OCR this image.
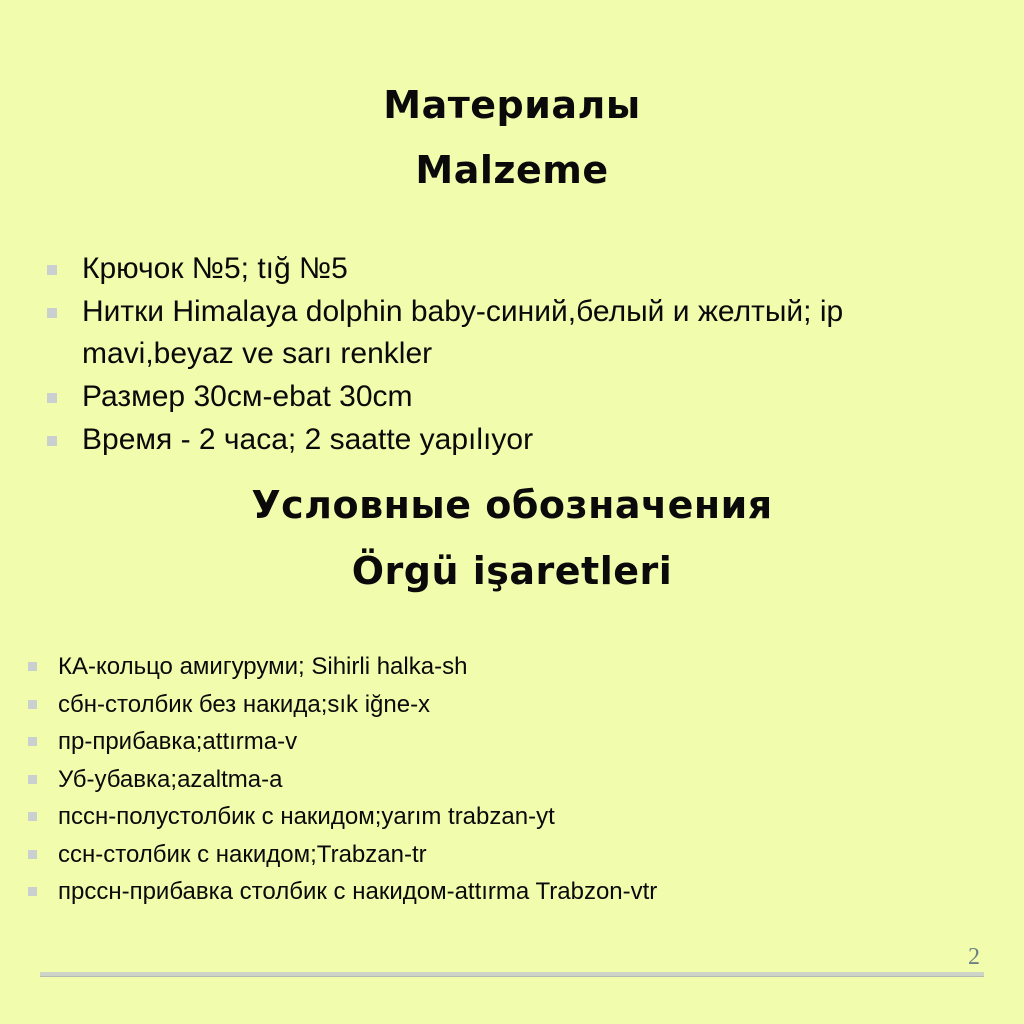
Материалы
Malzeme
Крючок №5; tığ №5
Нитки Himalaya dolphin baby-синий,белый и желтый; ip mavi,beyaz ve sarı renkler
Размер 30см-ebat 30cm
Время - 2 часа; 2 saatte yapılıyor
Условные обозначения
Örgü işaretleri
КА-кольцо амигуруми; Sihirli halka-sh
сбн-столбик без накида;sık iğne-x
пр-прибавка;attırma-v
Уб-убавка;azaltma-a
пссн-полустолбик с накидом;yarım trabzan-yt
ссн-столбик с накидом;Trabzan-tr
прссн-прибавка столбик с накидом-attırma Trabzon-vtr
2
